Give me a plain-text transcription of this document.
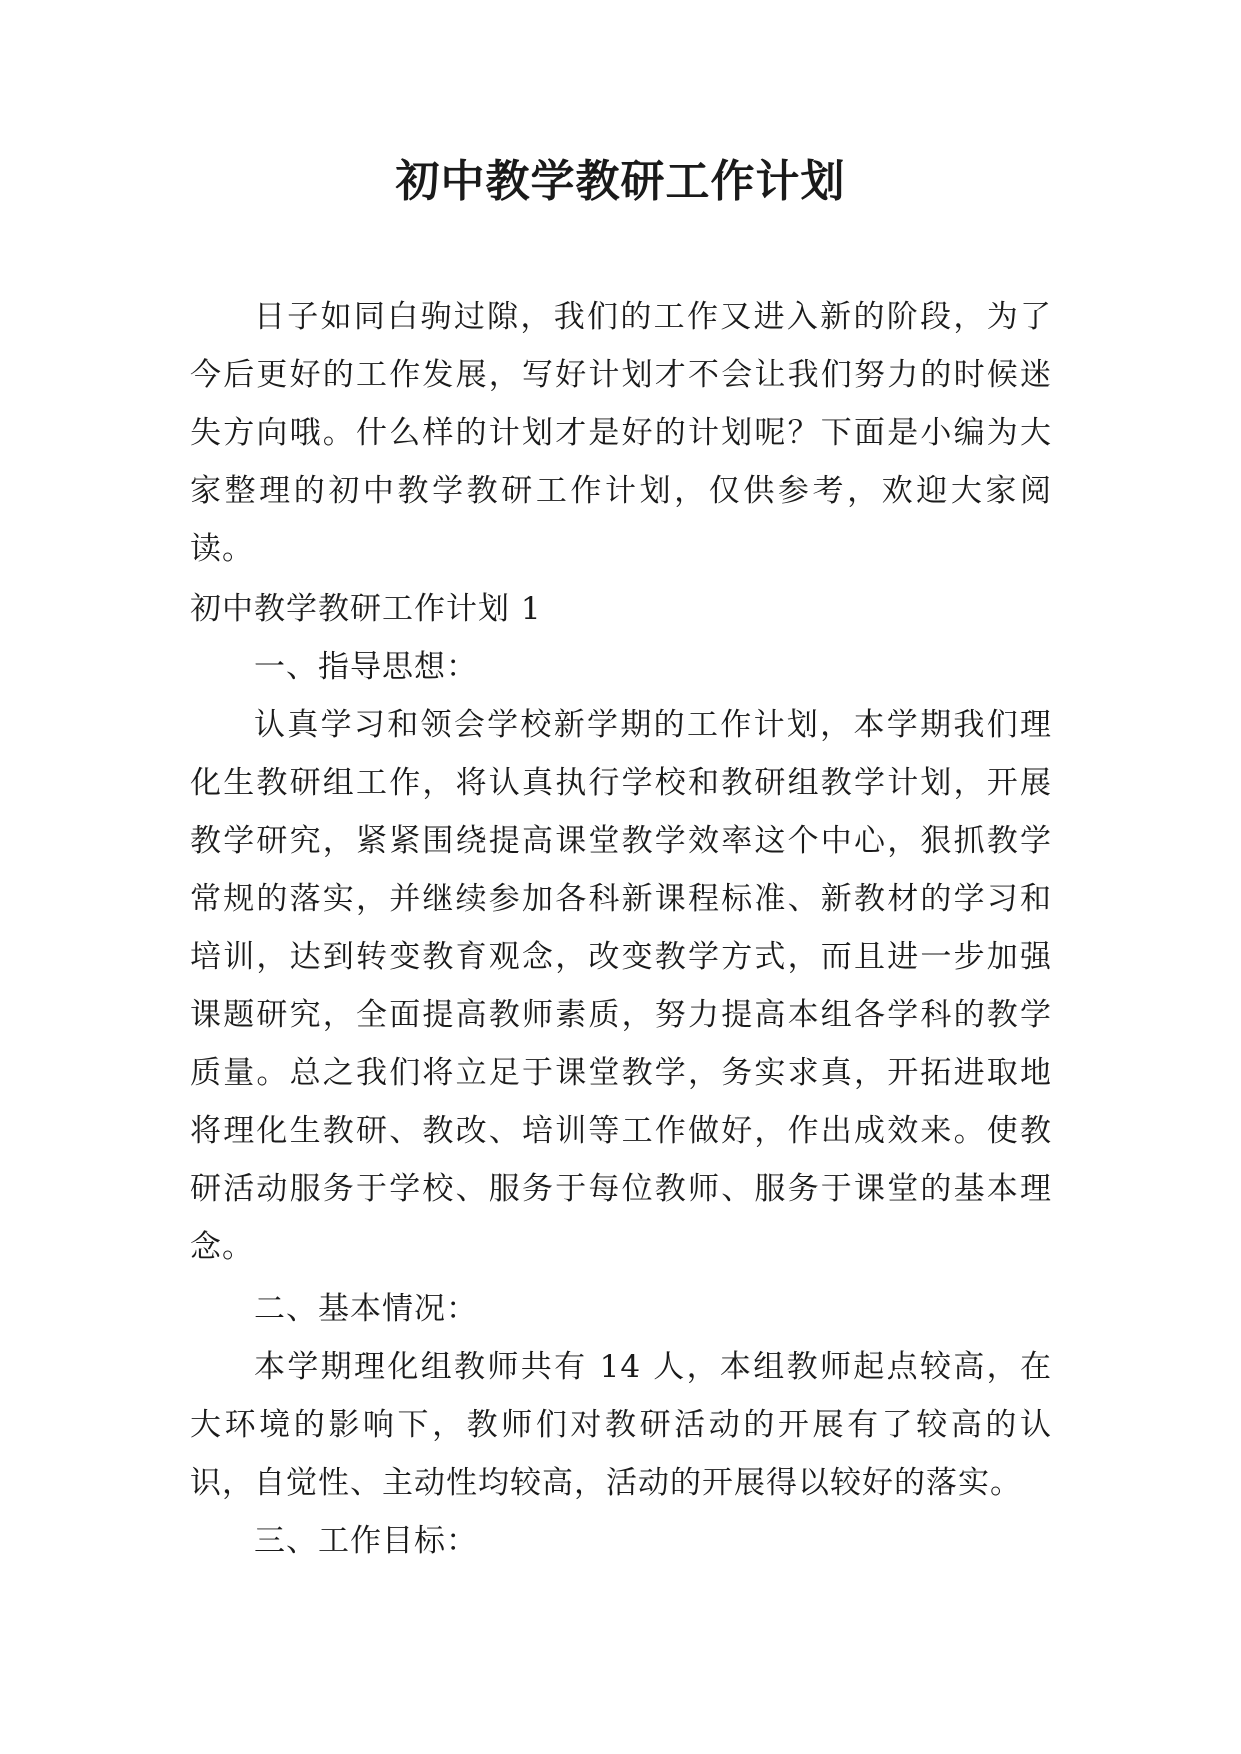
初中教学教研工作计划

日子如同白驹过隙，我们的工作又进入新的阶段，为了今后更好的工作发展，写好计划才不会让我们努力的时候迷失方向哦。什么样的计划才是好的计划呢？下面是小编为大家整理的初中教学教研工作计划，仅供参考，欢迎大家阅读。

初中教学教研工作计划 1

一、指导思想：

认真学习和领会学校新学期的工作计划，本学期我们理化生教研组工作，将认真执行学校和教研组教学计划，开展教学研究，紧紧围绕提高课堂教学效率这个中心，狠抓教学常规的落实，并继续参加各科新课程标准、新教材的学习和培训，达到转变教育观念，改变教学方式，而且进一步加强课题研究，全面提高教师素质，努力提高本组各学科的教学质量。总之我们将立足于课堂教学，务实求真，开拓进取地将理化生教研、教改、培训等工作做好，作出成效来。使教研活动服务于学校、服务于每位教师、服务于课堂的基本理念。

二、基本情况：

本学期理化组教师共有 14 人，本组教师起点较高，在大环境的影响下，教师们对教研活动的开展有了较高的认识，自觉性、主动性均较高，活动的开展得以较好的落实。

三、工作目标：
